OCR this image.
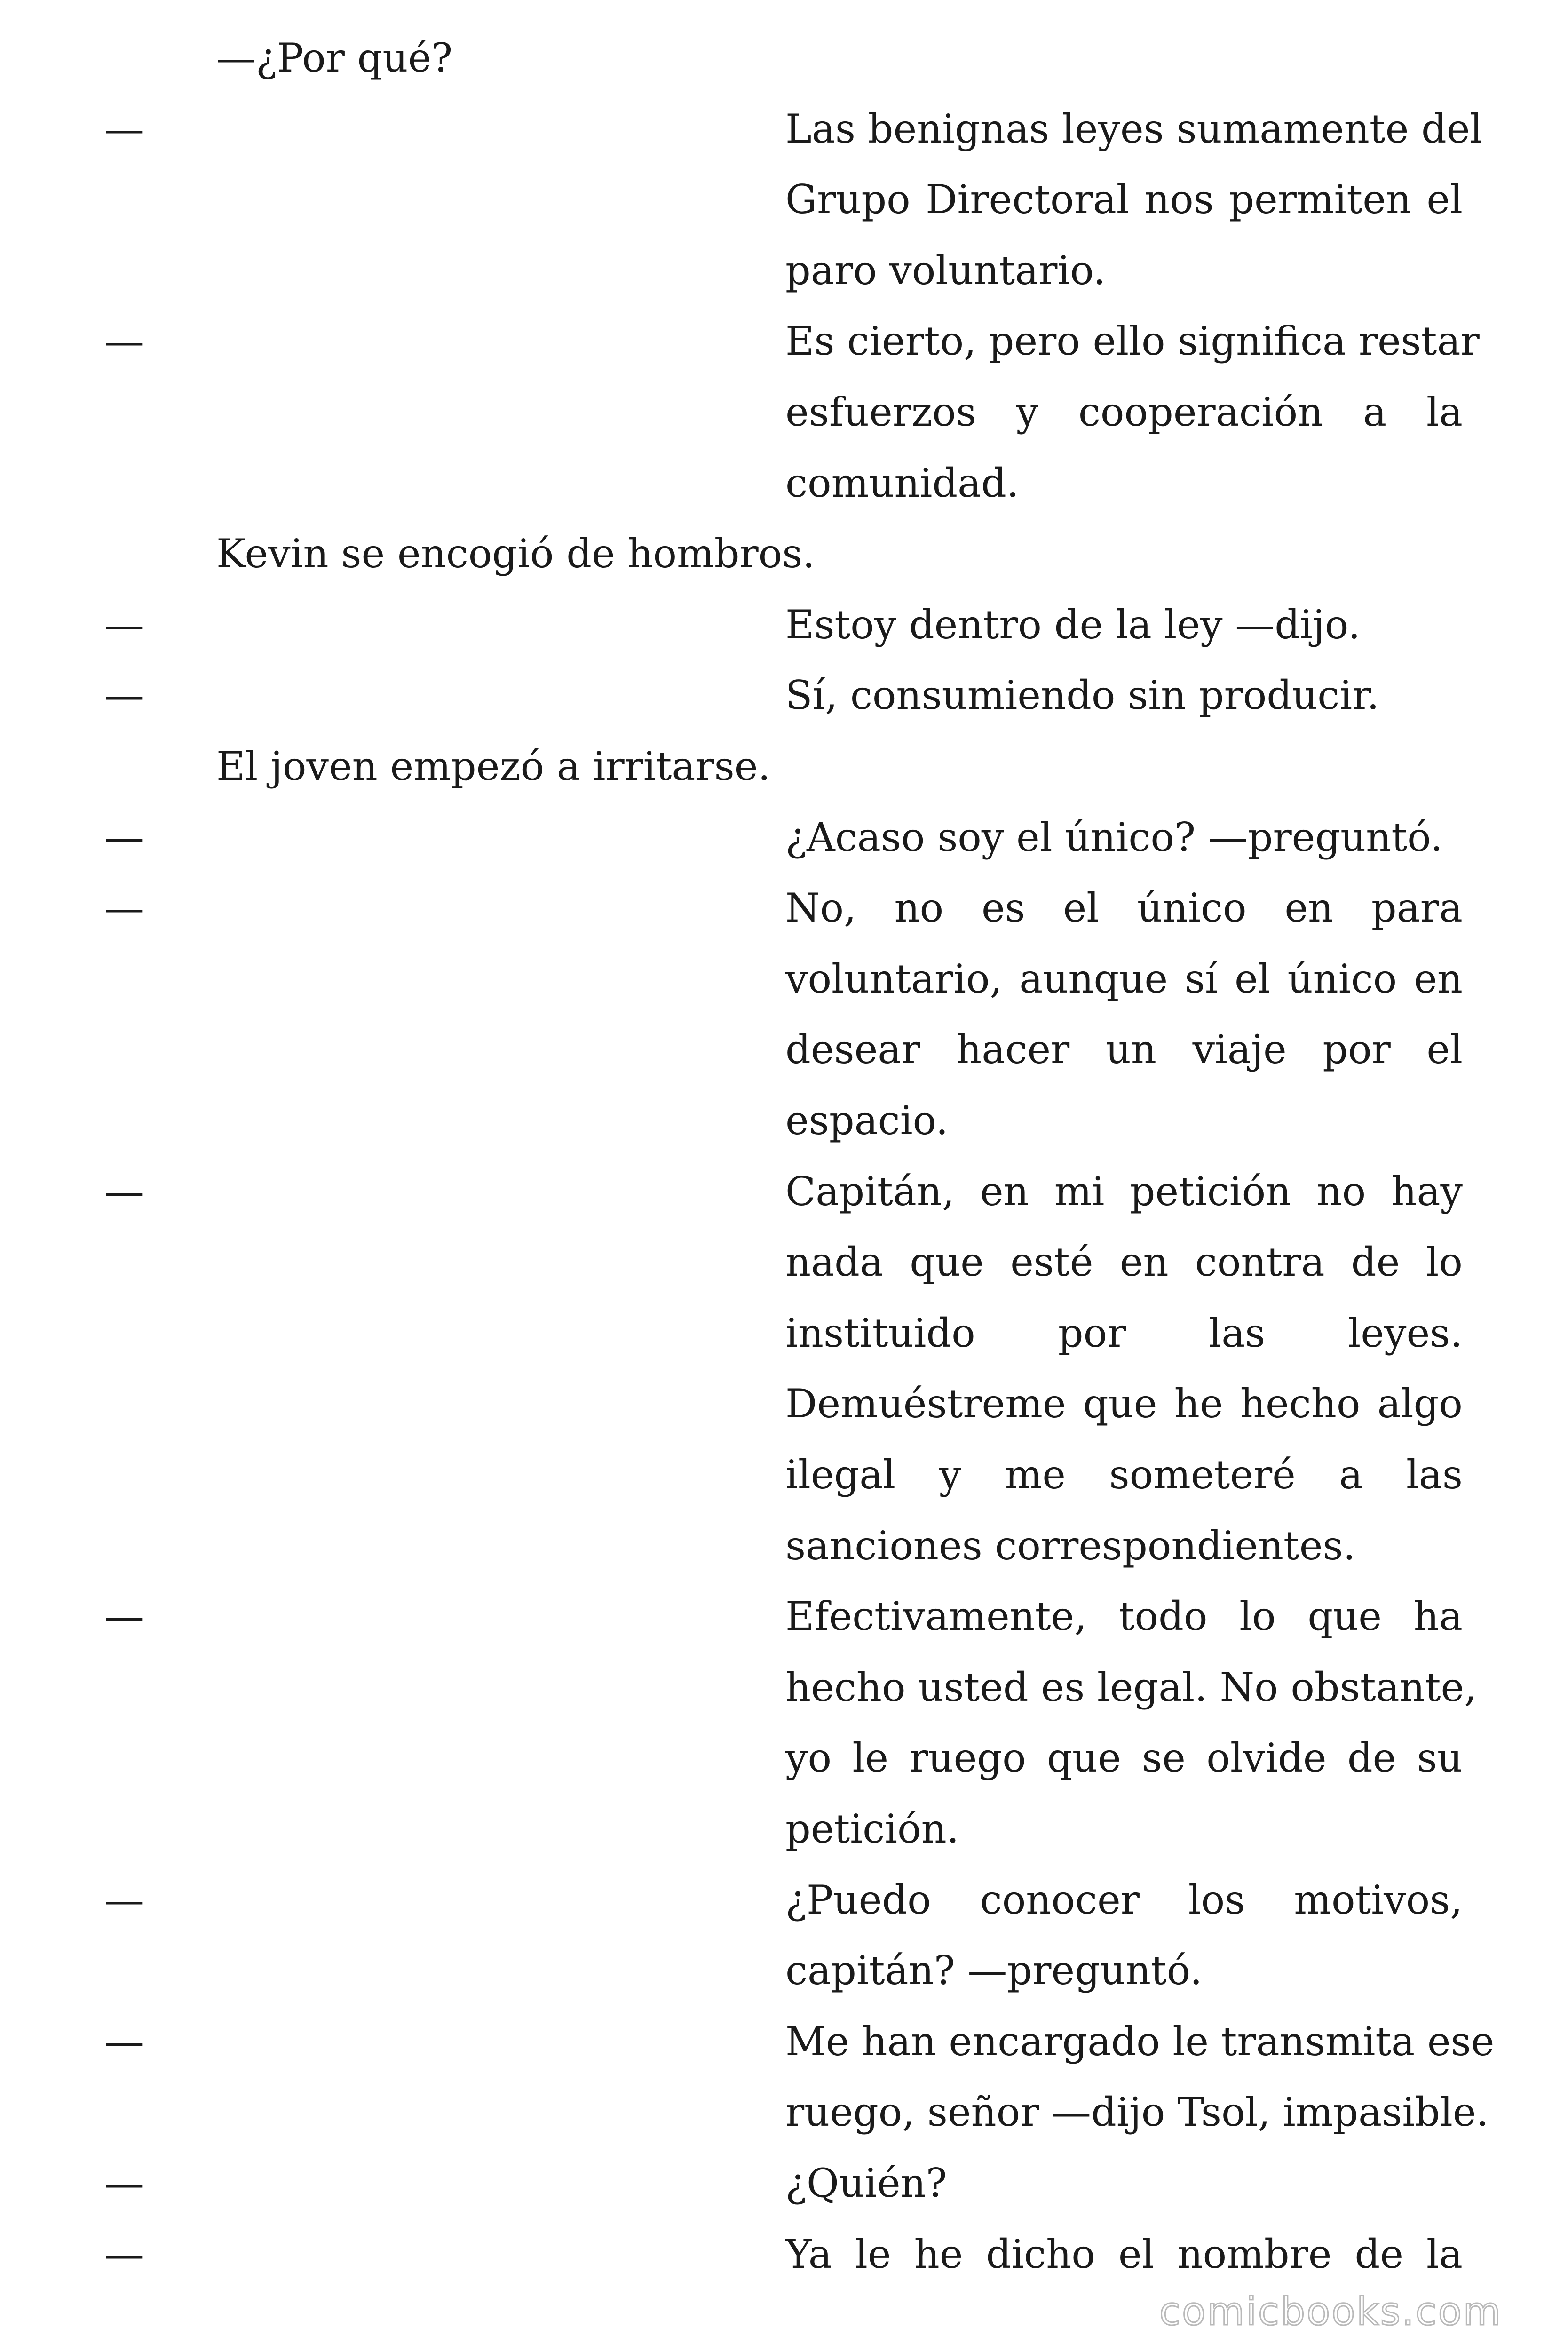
—¿Por qué?
—	Las benignas leyes sumamente del
Grupo Directoral nos permiten el
paro voluntario.
—	Es cierto, pero ello significa restar
esfuerzos y cooperación a la
comunidad.
Kevin se encogió de hombros.
—	Estoy dentro de la ley —dijo.
—	Sí, consumiendo sin producir.
El joven empezó a irritarse.
—	¿Acaso soy el único? —preguntó.
—	No, no es el único en para
voluntario, aunque sí el único en
desear hacer un viaje por el
espacio.
—	Capitán, en mi petición no hay
nada que esté en contra de lo
instituido por las leyes.
Demuéstreme que he hecho algo
ilegal y me someteré a las
sanciones correspondientes.
—	Efectivamente, todo lo que ha
hecho usted es legal. No obstante,
yo le ruego que se olvide de su
petición.
—	¿Puedo conocer los motivos,
capitán? —preguntó.
—	Me han encargado le transmita ese
ruego, señor —dijo Tsol, impasible.
—	¿Quién?
—	Ya le he dicho el nombre de la
comicbooks.com
